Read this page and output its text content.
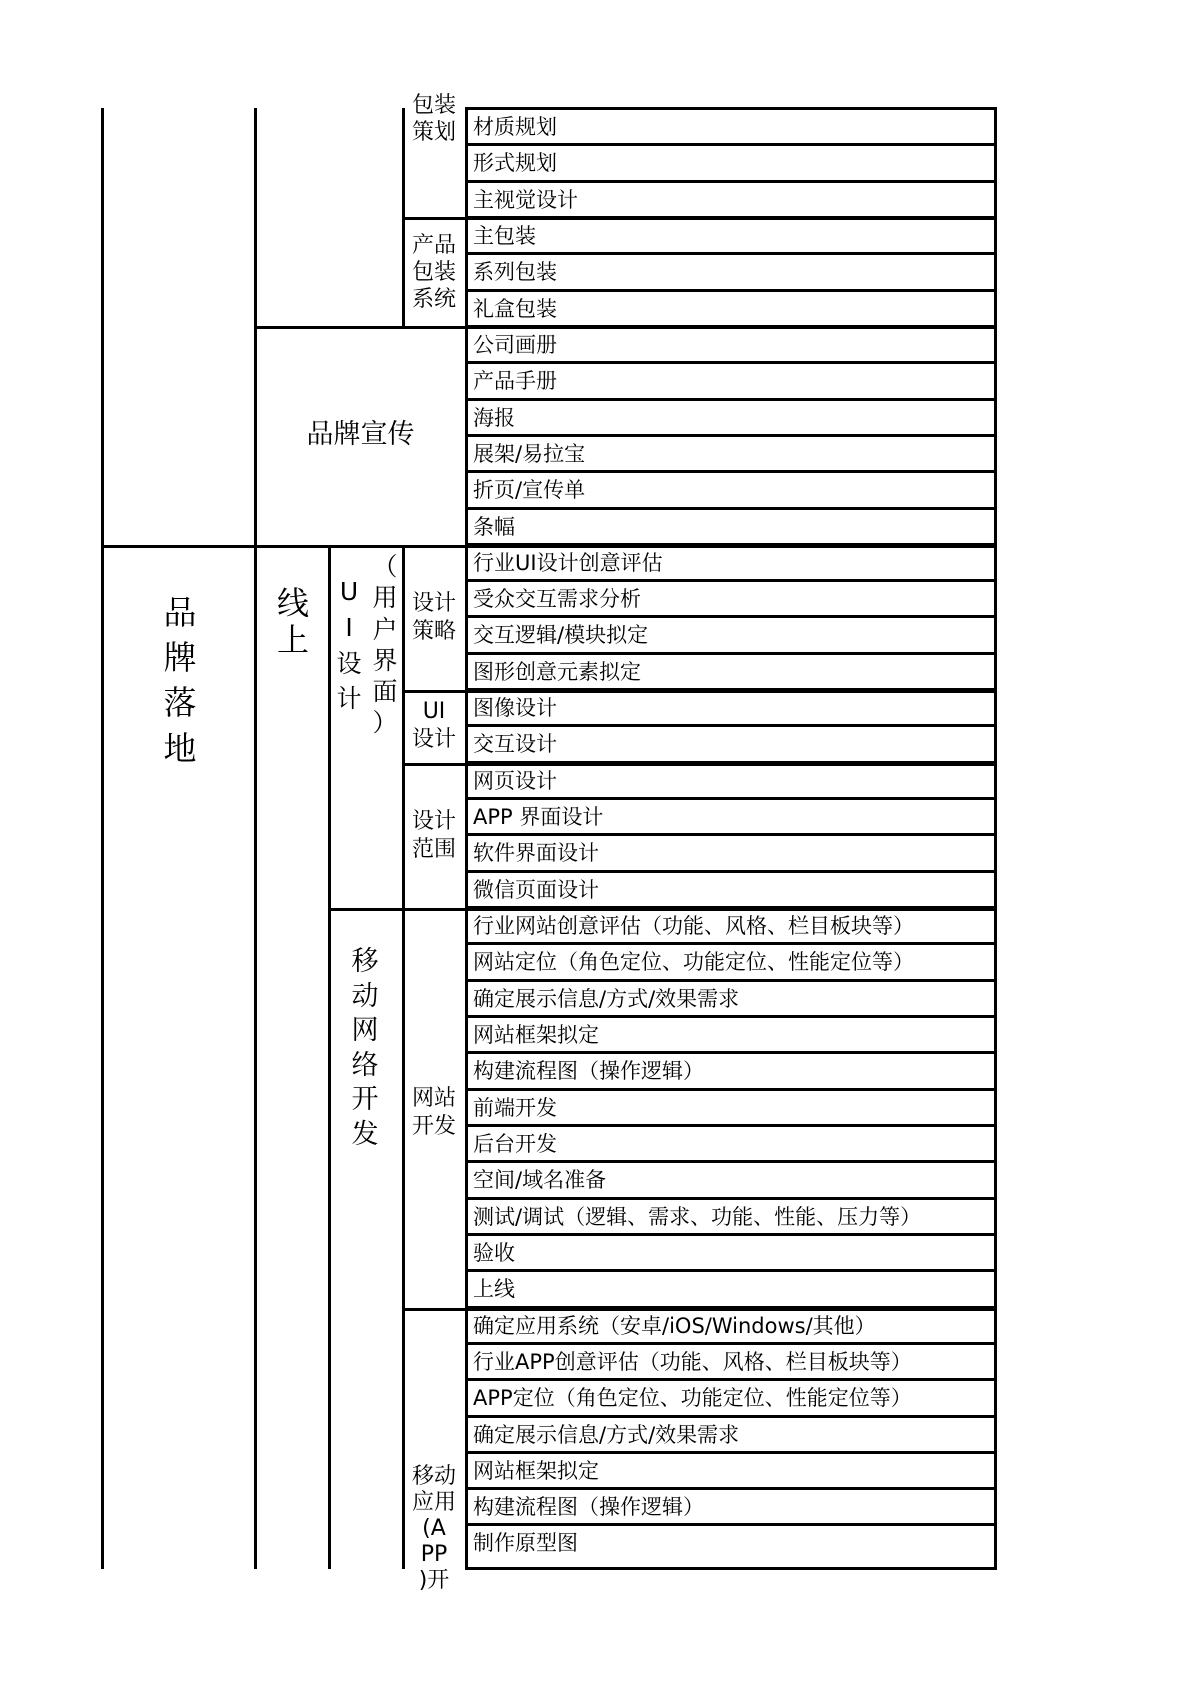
品
牌
落
地
品牌宣传
线
上
U
I
设
计
（
用
户
界
面
）
移
动
网
络
开
发
包装
策划
产品
包装
系统
设计
策略
UI
设计
设计
范围
网站
开发
移动
应用
(A
PP
)开
材质规划
形式规划
主视觉设计
主包装
系列包装
礼盒包装
公司画册
产品手册
海报
展架/易拉宝
折页/宣传单
条幅
行业UI设计创意评估
受众交互需求分析
交互逻辑/模块拟定
图形创意元素拟定
图像设计
交互设计
网页设计
APP 界面设计
软件界面设计
微信页面设计
行业网站创意评估（功能、风格、栏目板块等）
网站定位（角色定位、功能定位、性能定位等）
确定展示信息/方式/效果需求
网站框架拟定
构建流程图（操作逻辑）
前端开发
后台开发
空间/域名准备
测试/调试（逻辑、需求、功能、性能、压力等）
验收
上线
确定应用系统（安卓/iOS/Windows/其他）
行业APP创意评估（功能、风格、栏目板块等）
APP定位（角色定位、功能定位、性能定位等）
确定展示信息/方式/效果需求
网站框架拟定
构建流程图（操作逻辑）
制作原型图
